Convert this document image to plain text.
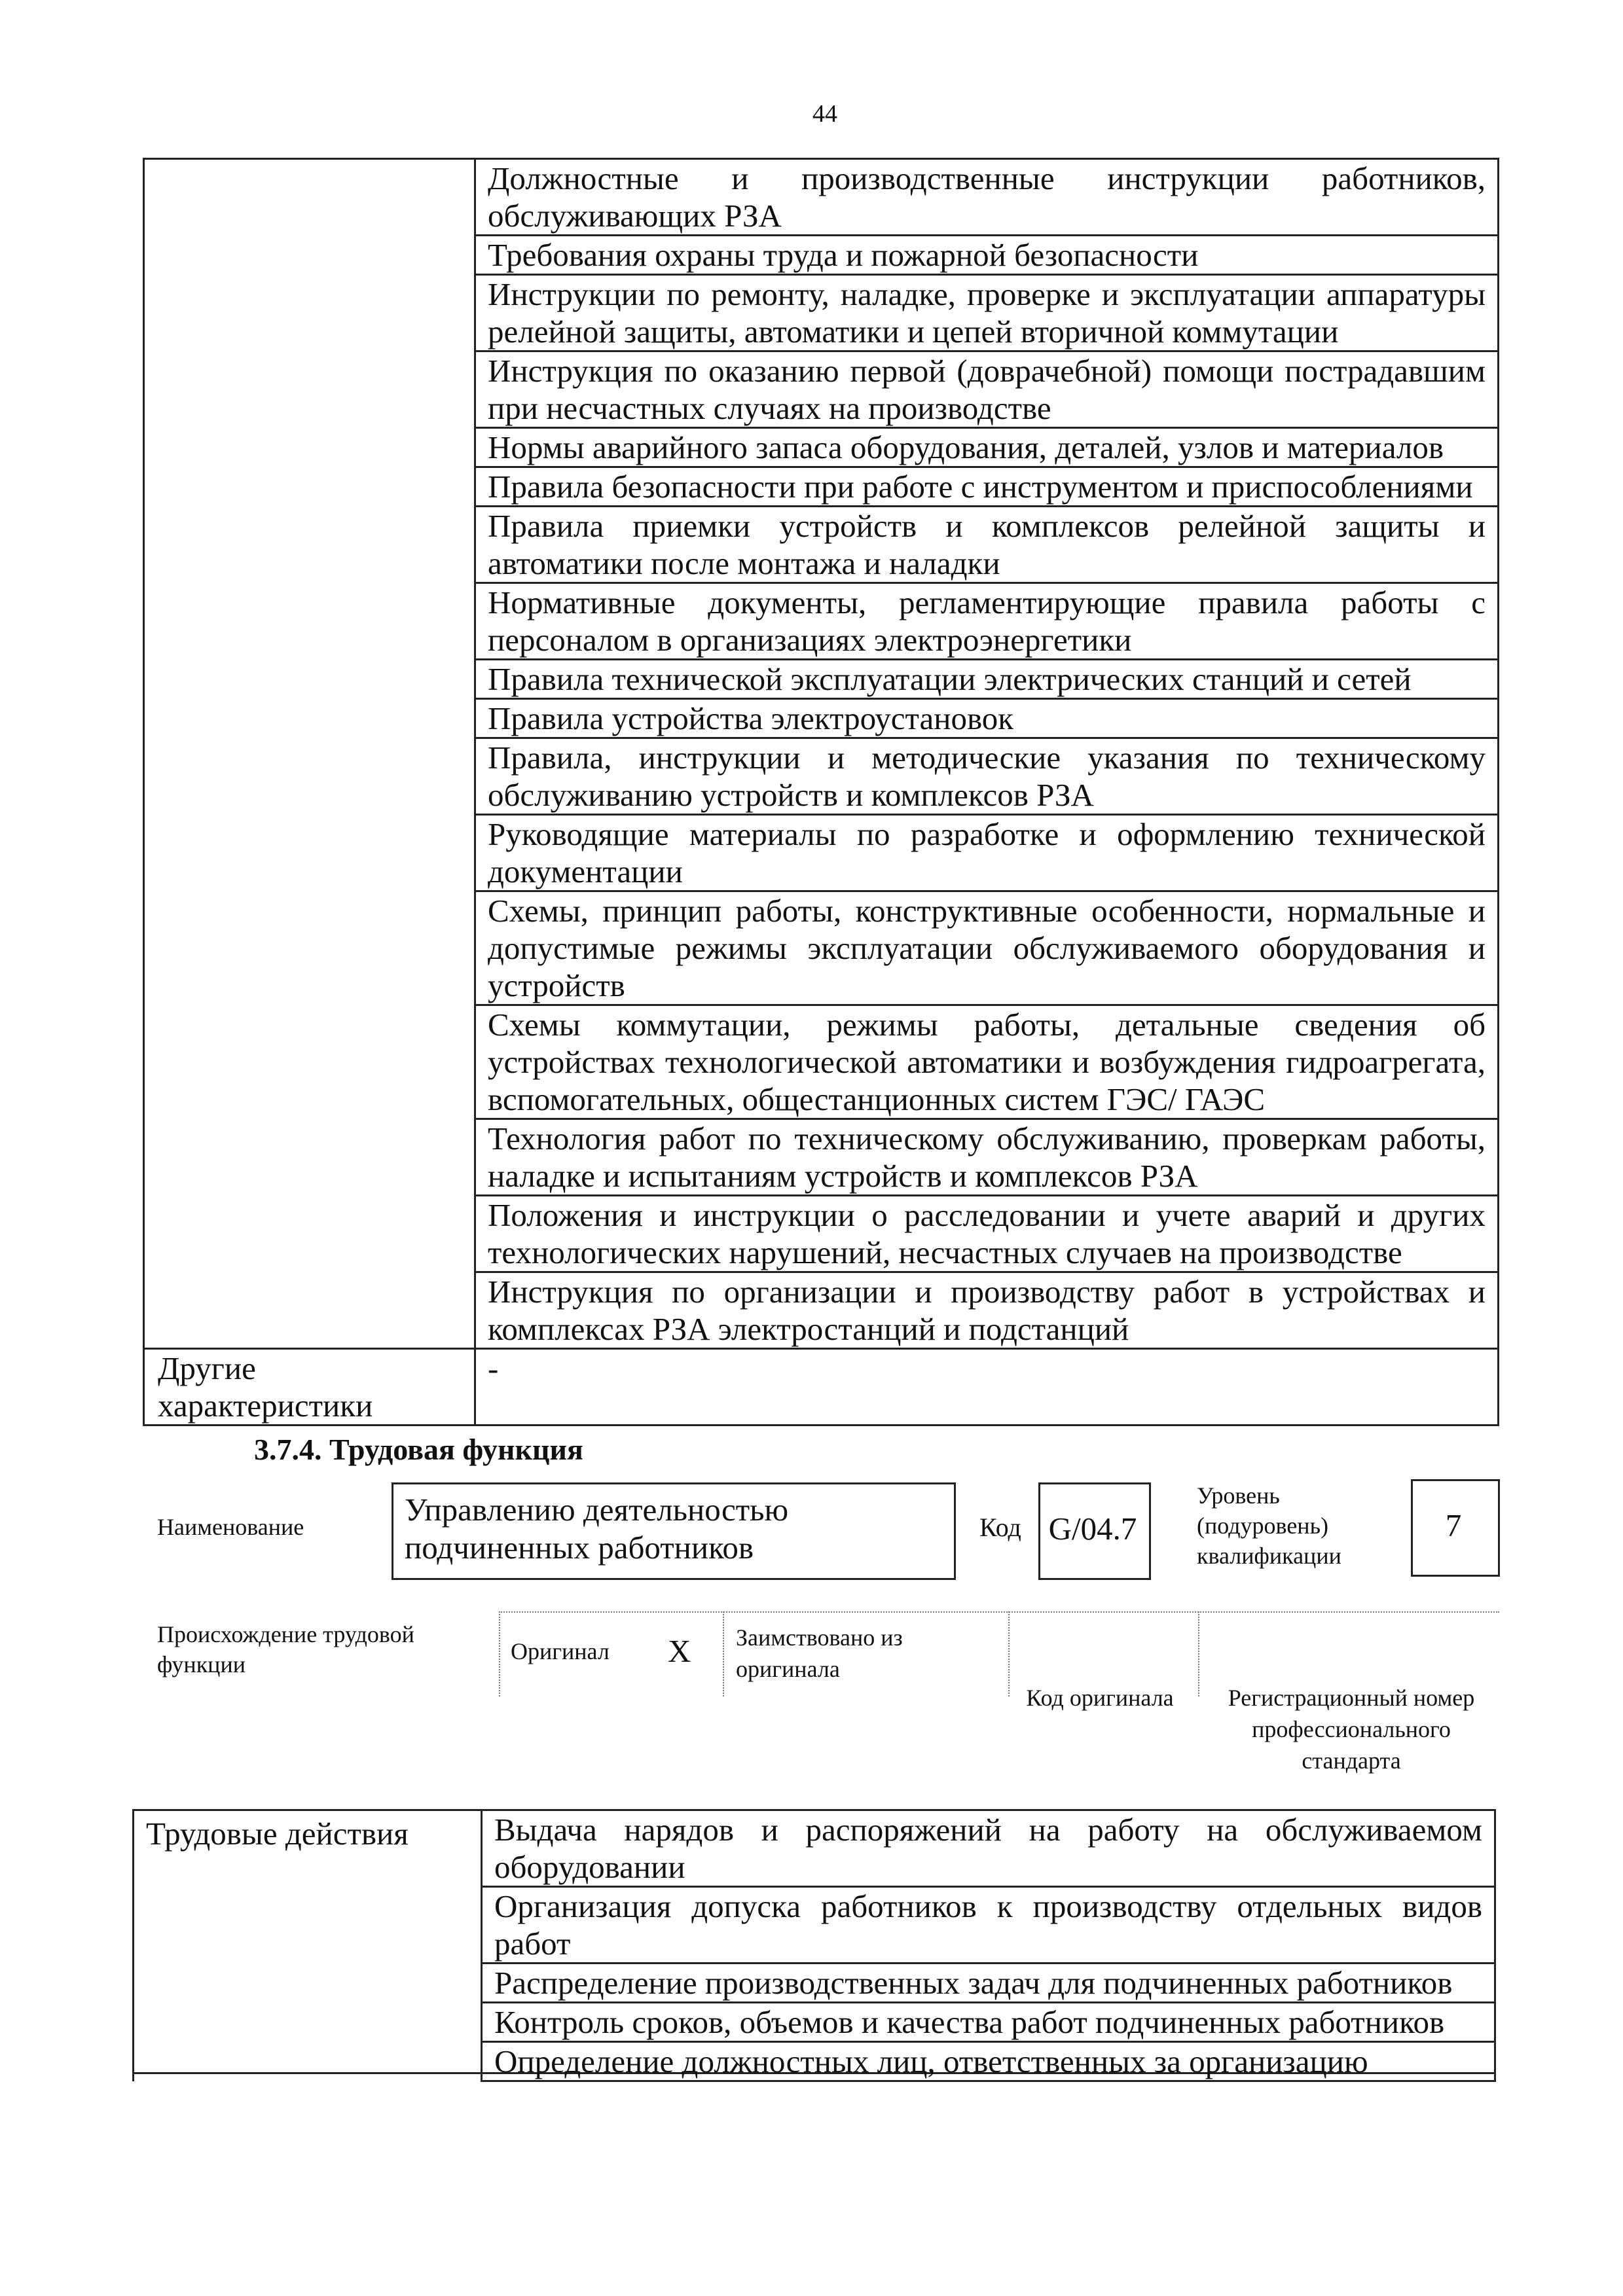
44
	Должностные и производственные инструкции работников, обслуживающих РЗА
	Требования охраны труда и пожарной безопасности
	Инструкции по ремонту, наладке, проверке и эксплуатации аппаратуры релейной защиты, автоматики и цепей вторичной коммутации
	Инструкция по оказанию первой (доврачебной) помощи пострадавшим при несчастных случаях на производстве
	Нормы аварийного запаса оборудования, деталей, узлов и материалов
	Правила безопасности при работе с инструментом и приспособлениями
	Правила приемки устройств и комплексов релейной защиты и автоматики после монтажа и наладки
	Нормативные документы, регламентирующие правила работы с персоналом в организациях электроэнергетики
	Правила технической эксплуатации электрических станций и сетей
	Правила устройства электроустановок
	Правила, инструкции и методические указания по техническому обслуживанию устройств и комплексов РЗА
	Руководящие материалы по разработке и оформлению технической документации
	Схемы, принцип работы, конструктивные особенности, нормальные и допустимые режимы эксплуатации обслуживаемого оборудования и устройств
	Схемы коммутации, режимы работы, детальные сведения об устройствах технологической автоматики и возбуждения гидроагрегата, вспомогательных, общестанционных систем ГЭС/ ГАЭС
	Технология работ по техническому обслуживанию, проверкам работы, наладке и испытаниям устройств и комплексов РЗА
	Положения и инструкции о расследовании и учете аварий и других технологических нарушений, несчастных случаев на производстве
	Инструкция по организации и производству работ в устройствах и комплексах РЗА электростанций и подстанций
Другие характеристики	-
3.7.4. Трудовая функция
Наименование	Управлению деятельностью подчиненных работников
Код G/04.7
Уровень (подуровень) квалификации
7
Происхождение трудовой функции	Оригинал X Заимствовано из оригинала
Код оригинала	Регистрационный номер профессионального стандарта
Трудовые действия	Выдача нарядов и распоряжений на работу на обслуживаемом оборудовании
Организация допуска работников к производству отдельных видов работ
Распределение производственных задач для подчиненных работников
Контроль сроков, объемов и качества работ подчиненных работников
Определение должностных лиц, ответственных за организацию
